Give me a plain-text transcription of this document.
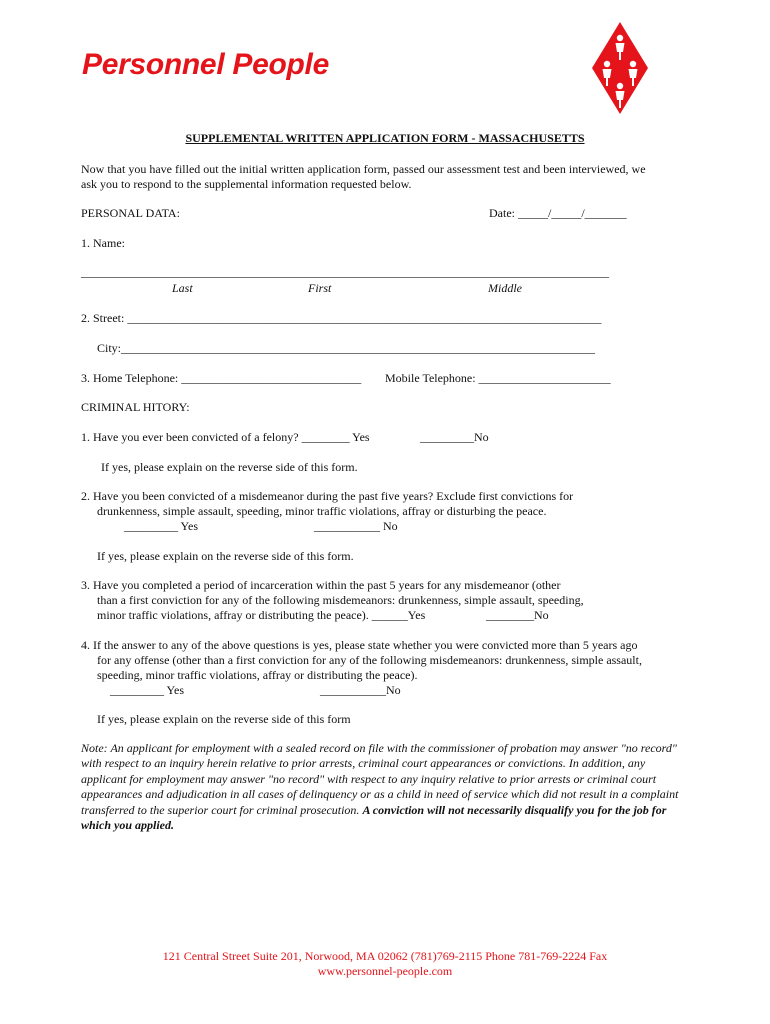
Personnel People
SUPPLEMENTAL WRITTEN APPLICATION FORM - MASSACHUSETTS
Now that you have filled out the initial written application form, passed our assessment test and been interviewed, we
ask you to respond to the supplemental information requested below.
PERSONAL DATA:	Date: _____/_____/_______
1. Name:
________________________________________________________________________________________
Last	First	Middle
2. Street: _______________________________________________________________________________
City:_______________________________________________________________________________
3. Home Telephone: ______________________________ Mobile Telephone: ______________________
CRIMINAL HITORY:
1. Have you ever been convicted of a felony? ________ Yes	_________No
If yes, please explain on the reverse side of this form.
2. Have you been convicted of a misdemeanor during the past five years? Exclude first convictions for
drunkenness, simple assault, speeding, minor traffic violations, affray or disturbing the peace.
_________ Yes	___________ No
If yes, please explain on the reverse side of this form.
3. Have you completed a period of incarceration within the past 5 years for any misdemeanor (other
than a first conviction for any of the following misdemeanors: drunkenness, simple assault, speeding,
minor traffic violations, affray or distributing the peace). ______Yes	________No
4. If the answer to any of the above questions is yes, please state whether you were convicted more than 5 years ago
for any offense (other than a first conviction for any of the following misdemeanors: drunkenness, simple assault,
speeding, minor traffic violations, affray or distributing the peace).
_________ Yes	___________No
If yes, please explain on the reverse side of this form
Note: An applicant for employment with a sealed record on file with the commissioner of probation may answer "no record" with respect to an inquiry herein relative to prior arrests, criminal court appearances or convictions. In addition, any applicant for employment may answer "no record" with respect to any inquiry relative to prior arrests or criminal court appearances and adjudication in all cases of delinquency or as a child in need of service which did not result in a complaint transferred to the superior court for criminal prosecution. A conviction will not necessarily disqualify you for the job for which you applied.
121 Central Street Suite 201, Norwood, MA 02062 (781)769-2115 Phone 781-769-2224 Fax
www.personnel-people.com
